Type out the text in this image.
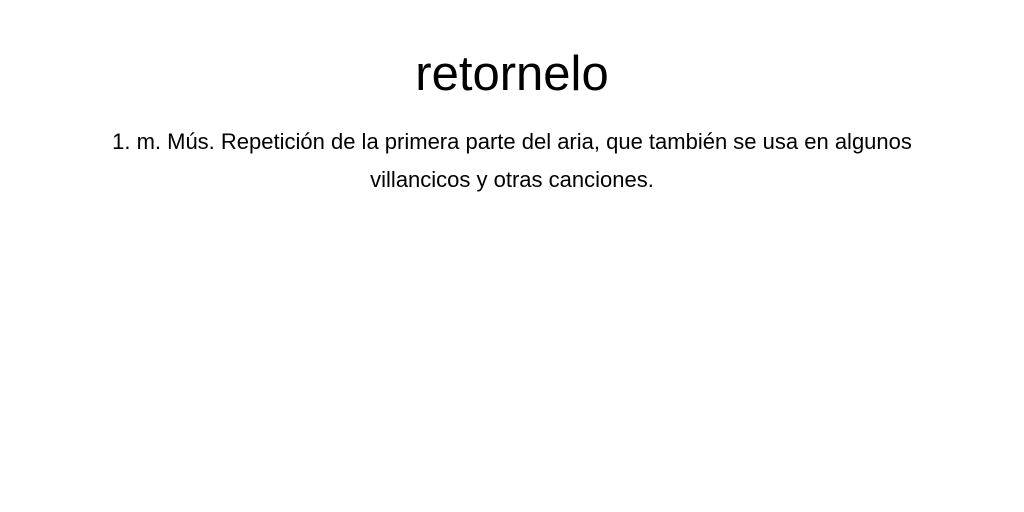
retornelo

1. m. Mús. Repetición de la primera parte del aria, que también se usa en algunos villancicos y otras canciones.
